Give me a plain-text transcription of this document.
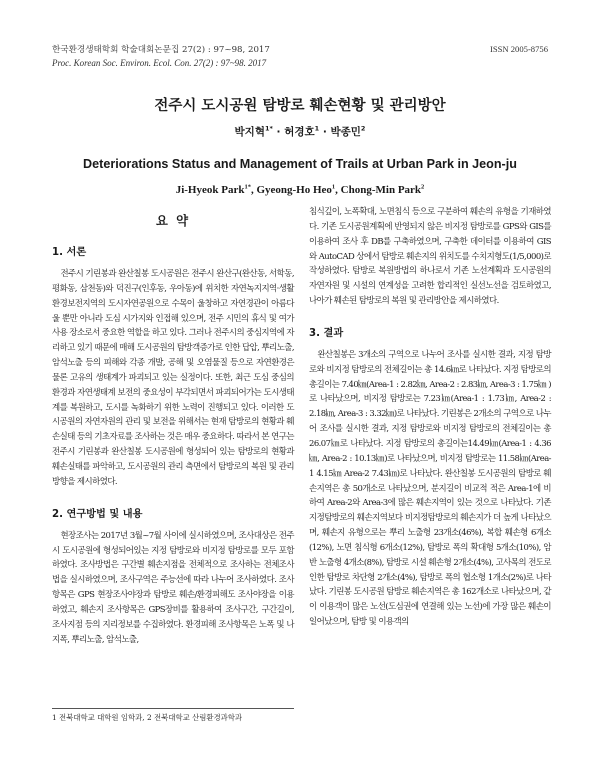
한국환경생태학회 학술대회논문집 27(2) : 97~98, 2017
Proc. Korean Soc. Environ. Ecol. Con. 27(2) : 97~98. 2017
ISSN 2005-8756
전주시 도시공원 탐방로 훼손현황 및 관리방안
박지혁$^{1*}$ · 허경호$^1$ · 박종민$^2$
Deteriorations Status and Management of Trails at Urban Park in Jeon-ju
Ji-Hyeok Park$^{1*}$, Gyeong-Ho Heo$^1$, Chong-Min Park$^2$
요 약
1. 서론

전주시 기린봉과 완산칠봉 도시공원은 전주시 완산구(완산동, 서학동, 평화동, 삼천동)와 덕진구(인후동, 우아동)에 위치한 자연녹지지역·생활환경보전지역의 도시자연공원으로 수목이 울창하고 자연경관이 아름다울 뿐만 아니라 도심 시가지와 인접해 있으며, 전주 시민의 휴식 및 여가사용 장소로서 중요한 역할을 하고 있다. 그러나 전주시의 중심지역에 자리하고 있기 때문에 매해 도시공원의 탐방객증가로 인한 답압, 뿌리노출, 암석노출 등의 피해와 각종 개발, 공해 및 오염물질 등으로 자연환경은 물론 고유의 생태계가 파괴되고 있는 실정이다. 또한, 최근 도심 중심의 환경과 자연생태계 보전의 중요성이 부각되면서 파괴되어가는 도시생태계를 복원하고, 도시를 녹화하기 위한 노력이 진행되고 있다. 이러한 도시공원의 자연자원의 관리 및 보전을 위해서는 현재 탐방로의 현황과 훼손실태 등의 기초자료를 조사하는 것은 매우 중요하다. 따라서 본 연구는 전주시 기린봉과 완산칠봉 도시공원에 형성되어 있는 탐방로의 현황과 훼손실태를 파악하고, 도시공원의 관리 측면에서 탐방로의 복원 및 관리방향을 제시하였다.

2. 연구방법 및 내용

현장조사는 2017년 3월~7월 사이에 실시하였으며, 조사대상은 전주시 도시공원에 형성되어있는 지정 탐방로와 비지정 탐방로를 모두 포함하였다. 조사방법은 구간별 훼손지점을 전체적으로 조사하는 전체조사법을 실시하였으며, 조사구역은 주능선에 따라 나누어 조사하였다. 조사항목은 GPS 현장조사야장과 탐방로 훼손/환경피해도 조사야장을 이용하였고, 훼손지 조사항목은 GPS장비를 활용하여 조사구간, 구간길이, 조사지점 등의 지리정보를 수집하였다. 환경피해 조사항목은 노폭 및 나지폭, 뿌리노출, 암석노출,

침식깊이, 노폭확대, 노면침식 등으로 구분하여 훼손의 유형을 기재하였다. 기존 도시공원계획에 반영되지 않은 비지정 탐방로를 GPS와 GIS를 이용하여 조사 후 DB를 구축하였으며, 구축한 데이터를 이용하여 GIS와 AutoCAD 상에서 탐방로 훼손지의 위치도를 수치지형도(1/5,000)로 작성하였다. 탐방로 복원방법의 하나로서 기존 노선계획과 도시공원의 자연자원 및 시설의 연계성을 고려한 합리적인 실선노선을 검토하였고, 나아가 훼손된 탐방로의 복원 및 관리방안을 제시하였다.

3. 결과

완산칠봉은 3개소의 구역으로 나누어 조사를 실시한 결과, 지정 탐방로와 비지정 탐방로의 전체길이는 총 14.6㎞로 나타났다. 지정 탐방로의 총길이는 7.40㎞(Area-1 : 2.82㎞, Area-2 : 2.83㎞, Area-3 : 1.75㎞ )로 나타났으며, 비지정 탐방로는 7.23㎞(Area-1 : 1.73㎞, Area-2 : 2.18㎞, Area-3 : 3.32㎞)로 나타났다. 기린봉은 2개소의 구역으로 나누어 조사를 실시한 결과, 지정 탐방로와 비지정 탐방로의 전체길이는 총 26.07㎞로 나타났다. 지정 탐방로의 총길이는14.49㎞(Area-1 : 4.36㎞, Area-2 : 10.13㎞)로 나타났으며, 비지정 탐방로는 11.58㎞(Area-1 4.15㎞ Area-2 7.43㎞)로 나타났다. 완산칠봉 도시공원의 탐방로 훼손지역은 총 50개소로 나타났으며, 분지길이 비교적 적은 Area-1에 비하여 Area-2와 Area-3에 많은 훼손지역이 있는 것으로 나타났다. 기존 지정탐방로의 훼손지역보다 비지정탐방로의 훼손지가 더 높게 나타났으며, 훼손지 유형으로는 뿌리 노출형 23개소(46%), 복합 훼손형 6개소(12%), 노면 침식형 6개소(12%), 탐방로 폭의 확대형 5개소(10%), 암반 노출형 4개소(8%), 탐방로 시설 훼손형 2개소(4%), 고사목의 전도로 인한 탐방로 차단형 2개소(4%), 탐방로 폭의 협소형 1개소(2%)로 나타났다. 기린봉 도시공원 탐방로 훼손지역은 총 162개소로 나타났으며, 같이 이용객이 많은 노선(도심권에 연결해 있는 노선)에 가장 많은 훼손이 일어났으며, 탐방 및 이용객의

1 전북대학교 대학원 임학과, 2 전북대학교 산림환경과학과
